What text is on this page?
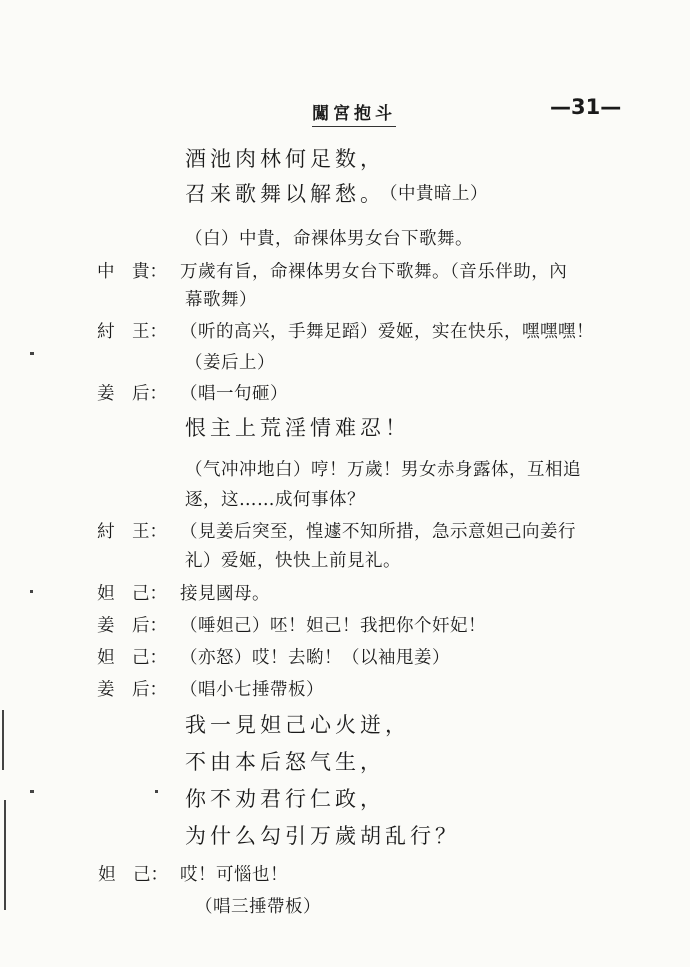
闖宮抱斗	—31—
酒池肉林何足数，
召来歌舞以解愁。
（中貴暗上）
（白）中貴，命裸体男女台下歌舞。
中　貴： 万歲有旨，命裸体男女台下歌舞。（音乐伴助，內
幕歌舞）
紂　王： （听的高兴，手舞足蹈）爱姬，实在快乐，嘿嘿嘿！
（姜后上）
姜　后： （唱一句砸）
恨主上荒淫情难忍！
（气冲冲地白）哼！万歲！男女赤身露体，互相追
逐，这……成何事体？
紂　王： （見姜后突至，惶遽不知所措，急示意妲己向姜行
礼）爱姬，快快上前見礼。
妲　己： 接見國母。
姜　后： （唾妲己）呸！妲己！我把你个奸妃！
妲　己： （亦怒）哎！去喲！（以袖甩姜）
姜　后： （唱小七捶帶板）
我一見妲己心火迸，
不由本后怒气生，
你不劝君行仁政，
为什么勾引万歲胡乱行？
妲　己： 哎！可惱也！
（唱三捶帶板）
